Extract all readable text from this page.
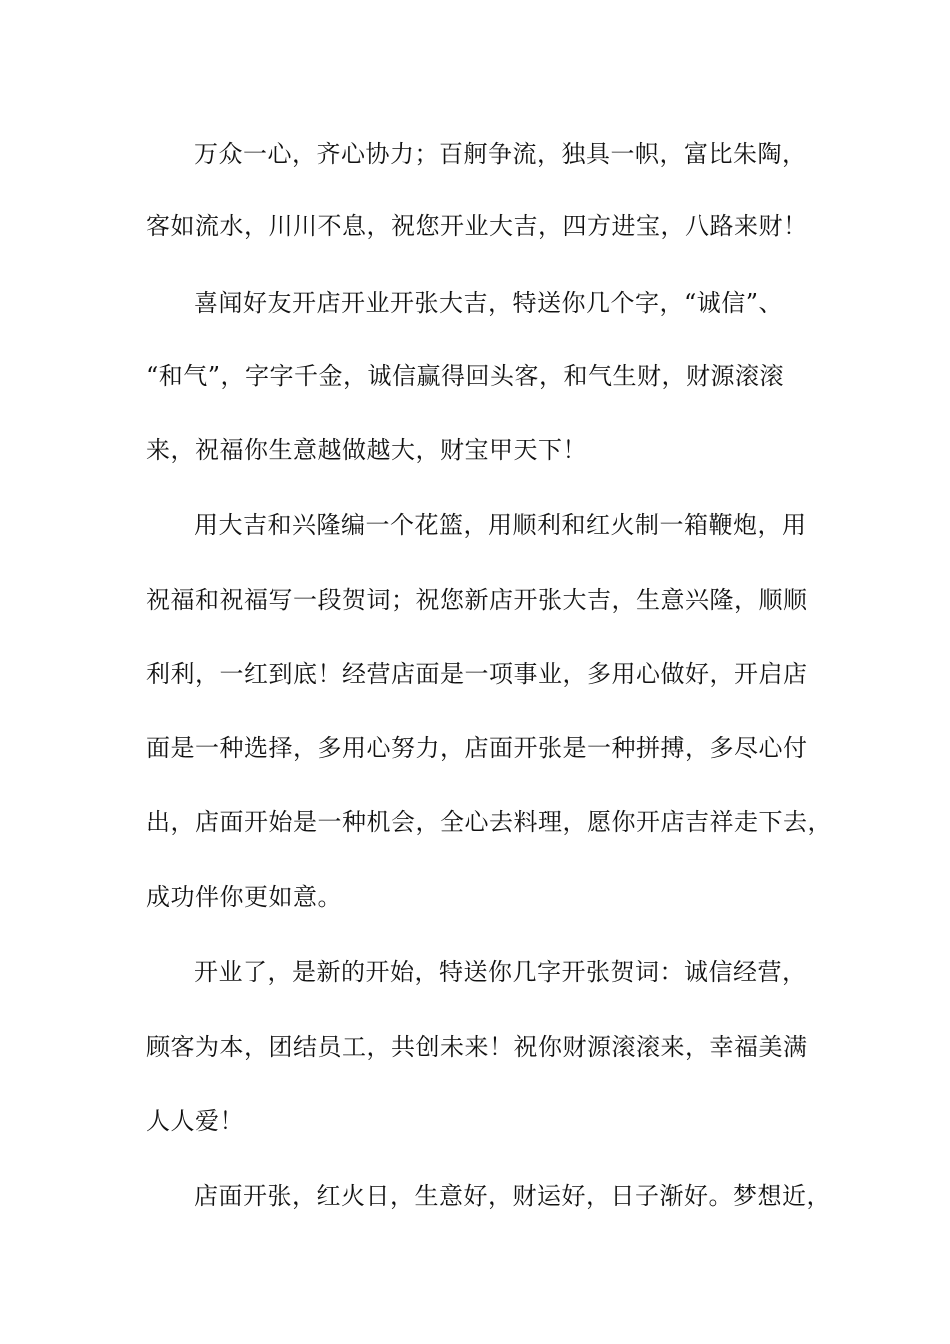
万众一心，齐心协力；百舸争流，独具一帜，富比朱陶，
客如流水，川川不息，祝您开业大吉，四方进宝，八路来财！
喜闻好友开店开业开张大吉，特送你几个字，“诚信”、
“和气”，字字千金，诚信赢得回头客，和气生财，财源滚滚
来，祝福你生意越做越大，财宝甲天下！
用大吉和兴隆编一个花篮，用顺利和红火制一箱鞭炮，用
祝福和祝福写一段贺词；祝您新店开张大吉，生意兴隆，顺顺
利利，一红到底！经营店面是一项事业，多用心做好，开启店
面是一种选择，多用心努力，店面开张是一种拼搏，多尽心付
出，店面开始是一种机会，全心去料理，愿你开店吉祥走下去，
成功伴你更如意。
开业了，是新的开始，特送你几字开张贺词：诚信经营，
顾客为本，团结员工，共创未来！祝你财源滚滚来，幸福美满
人人爱！
店面开张，红火日，生意好，财运好，日子渐好。梦想近，
